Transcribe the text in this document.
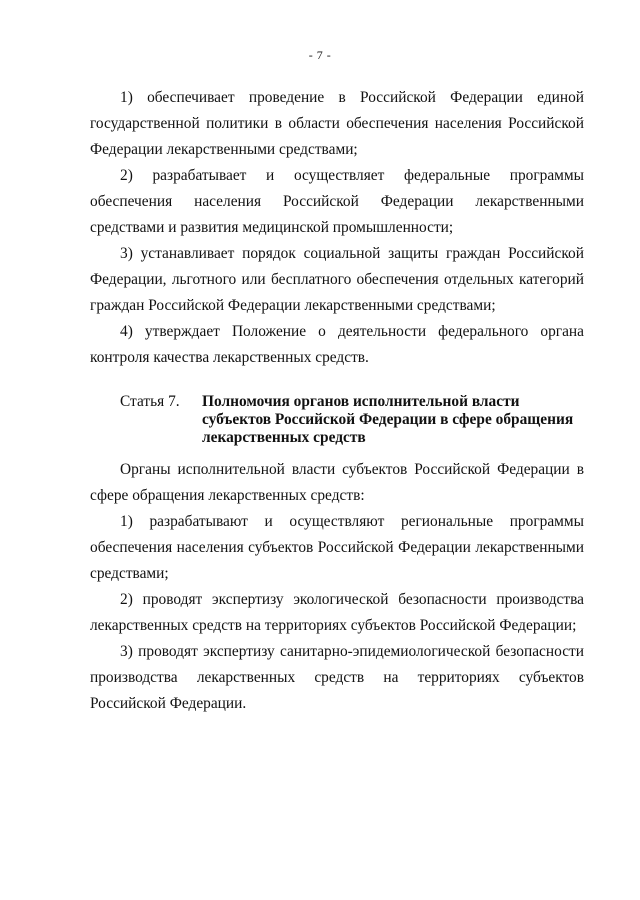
- 7 -

1) обеспечивает проведение в Российской Федерации единой государственной политики в области обеспечения населения Российской Федерации лекарственными средствами;

2) разрабатывает и осуществляет федеральные программы обеспечения населения Российской Федерации лекарственными средствами и развития медицинской промышленности;

3) устанавливает порядок социальной защиты граждан Российской Федерации, льготного или бесплатного обеспечения отдельных категорий граждан Российской Федерации лекарственными средствами;

4) утверждает Положение о деятельности федерального органа контроля качества лекарственных средств.

Статья 7.	Полномочия органов исполнительной власти субъектов Российской Федерации в сфере обращения лекарственных средств

Органы исполнительной власти субъектов Российской Федерации в сфере обращения лекарственных средств:

1) разрабатывают и осуществляют региональные программы обеспечения населения субъектов Российской Федерации лекарственными средствами;

2) проводят экспертизу экологической безопасности производства лекарственных средств на территориях субъектов Российской Федерации;

3) проводят экспертизу санитарно-эпидемиологической безопасности производства лекарственных средств на территориях субъектов Российской Федерации.
